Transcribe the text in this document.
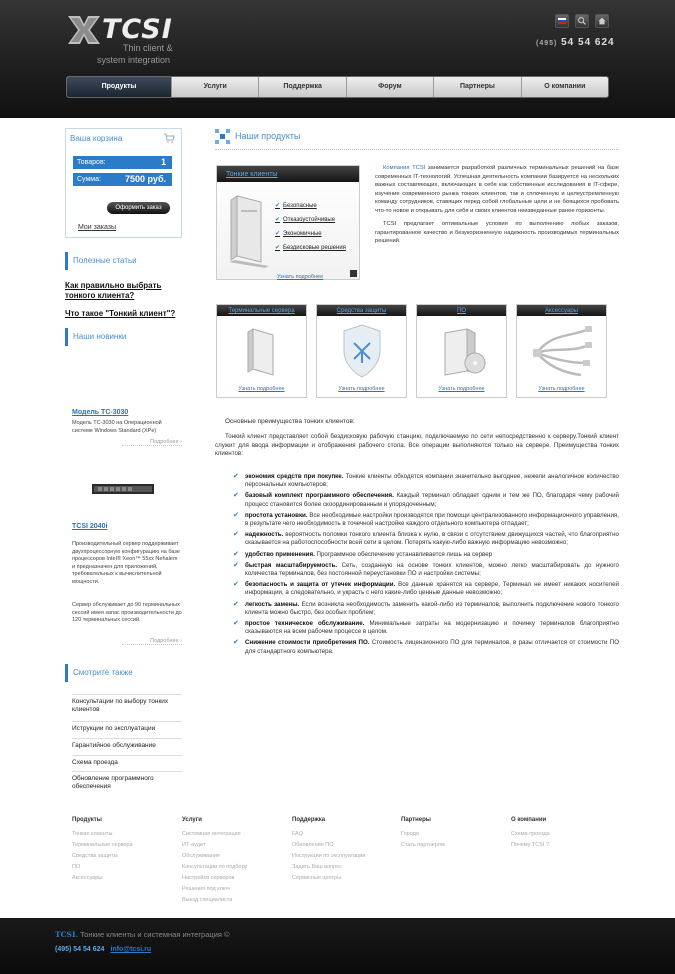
TCSI
Thin client &
system integration
(495) 54 54 624
Продукты	Услуги	Поддержка	Форум	Партнеры	О компании
Ваша корзина
Товаров:	1
Сумма:	7500 руб.
Оформить заказ
Мои заказы
Полезные статьи
Как правильно выбрать тонкого клиента?
Что такое "Тонкий клиент"?
Наши новинки
Модель TC-3030
Модель TC-3030 на Операционной системе Windows Standard (XPe)
Подробнее ›
TCSI 2040i
Производительный сервер поддерживает двухпроцессорную конфигурацию на базе процессоров Intel® Xeon™ 55xx Nehalem и предназначен для приложений, требовательных к вычислительной мощности.
Сервер обслуживает до 90 терминальных сессий имея запас производительности до 120 терминальных сессий.
Подробнее ›
Смотрите также
Консультации по выбору тонких клиентов
Иструкции по эксплуатации
Гарантийное обслуживание
Схема проезда
Обновление программного обеспечения
Наши продукты
Тонкие клиенты
✔ Безопасные
✔ Отказоустойчивые
✔ Экономичные
✔ Бездисковые решения
Узнать подробнее

Компания TCSI занимается разработкой различных терминальных решений на базе современных IT-технологий. Успешная деятельность компании базируется на нескольких важных составляющих, включающих в себя как собственные исследования в IT-сфере, изучение современного рынка тонких клиентов, так и сплоченную и целеустремленную команду сотрудников, ставящих перед собой глобальные цели и не боящихся пробовать что-то новое и открывать для себя и своих клиентов неизведанные ранее горизонты.

TCSI предлагает оптимальные условия по выполнению любых заказов, гарантированное качество и безукоризненную надежность производимых терминальных решений.

Терминальные сервера
Узнать подробнее
Средства защиты
Узнать подробнее
ПО
Узнать подробнее
Аксессуары
Узнать подробнее
Основные преимущества тонких клиентов:
Тонкий клиент представляет собой бездисковую рабочую станцию, подключаемую по сети непосредственно к серверу.Тонкий клиент служит для ввода информации и отображения рабочего стола. Все операции выполняются только на сервере. Преимущества тонких клиентов:
✔ экономия средств при покупке. Тонкие клиенты обходятся компании значительно выгоднее, нежели аналогичное количество персональных компьютеров;
✔ базовый комплект программного обеспечения. Каждый терминал обладает одним и тем же ПО, благодаря чему рабочий процесс становится более скоординированным и упорядоченным;
✔ простота установки. Все необходимые настройки производятся при помощи централизованного информационного управления, в результате чего необходимость в точечной настройке каждого отдельного компьютера отпадает;
✔ надежность. вероятность поломки тонкого клиента близка к нулю, в связи с отсутствием движущихся частей, что благоприятно сказывается на работоспособности всей сети в целом. Потерять какую-либо важную информацию невозможно;
✔ удобство применения. Программное обеспечение устанавливается лишь на сервер
✔ быстрая масштабируемость. Сеть, созданную на основе тонких клиентов, можно легко масштабировать до нужного количества терминалов, без постоянной переустановки ПО и настройки системы;
✔ безопасность и защита от утечек информации. Все данные хранятся на сервере, Терминал не имеет никаких носителей информации, а следовательно, и украсть с него какие-либо ценные данные невозможно;
✔ легкость замены. Если возникла необходимость заменить какой-либо из терминалов, выполнить подключение нового тонкого клиента можно быстро, без особых проблем;
✔ простое техническое обслуживание. Минимальные затраты на модернизацию и починку терминалов благоприятно сказываются на всем рабочем процессе в целом.
✔ Снижение стоимости приобретения ПО. Стоимость лицензионного ПО для терминалов, в разы отличается от стоимости ПО для стандартного компьютера.
Продукты
Тонкие клиенты
Терминальные сервера
Средства защиты
ПО
Аксессуары
Услуги
Системная интеграция
ИТ-аудит
Обслуживание
Консультации по подбору
Настройка серверов
Решения под ключ
Выезд специалиста
Поддержка
FAQ
Обновление ПО
Инструкции по эксплуатации
Задать Ваш вопрос
Сервисные центры
Партнеры
Города
Стать партнером
О компании
Схема проезда
Почему TCSI ?
TCSI. Тонкие клиенты и системная интеграция ©
(495) 54 54 624 info@tcsi.ru
